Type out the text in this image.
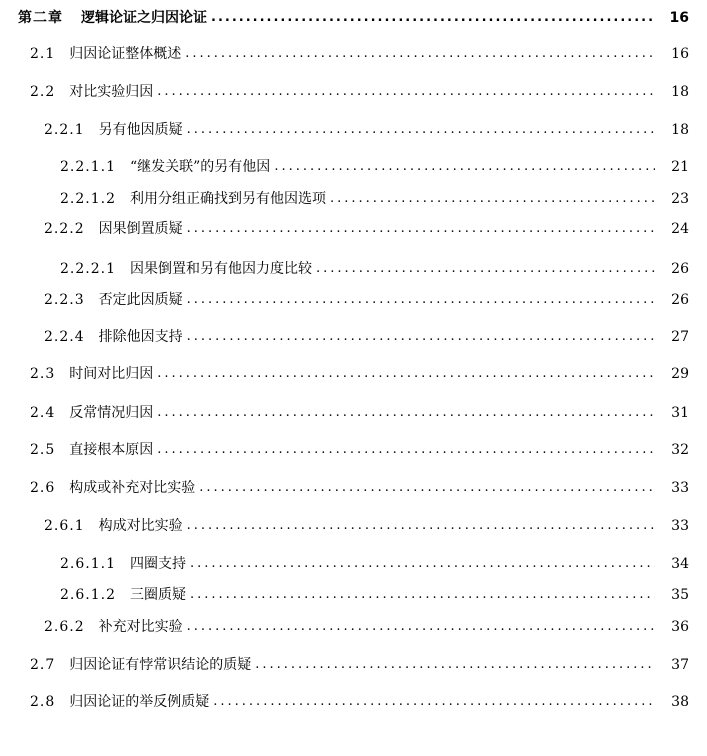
第二章 逻辑论证之归因论证 .....	16
2.1 归因论证整体概述 .....	16
2.2 对比实验归因 .....	18
2.2.1 另有他因质疑 .....	18
2.2.1.1 “继发关联”的另有他因 .....	21
2.2.1.2 利用分组正确找到另有他因选项 .....	23
2.2.2 因果倒置质疑 .....	24
2.2.2.1 因果倒置和另有他因力度比较 .....	26
2.2.3 否定此因质疑 .....	26
2.2.4 排除他因支持 .....	27
2.3 时间对比归因 .....	29
2.4 反常情况归因 .....	31
2.5 直接根本原因 .....	32
2.6 构成或补充对比实验 .....	33
2.6.1 构成对比实验 .....	33
2.6.1.1 四圈支持 .....	34
2.6.1.2 三圈质疑 .....	35
2.6.2 补充对比实验 .....	36
2.7 归因论证有悖常识结论的质疑 .....	37
2.8 归因论证的举反例质疑 .....	38
